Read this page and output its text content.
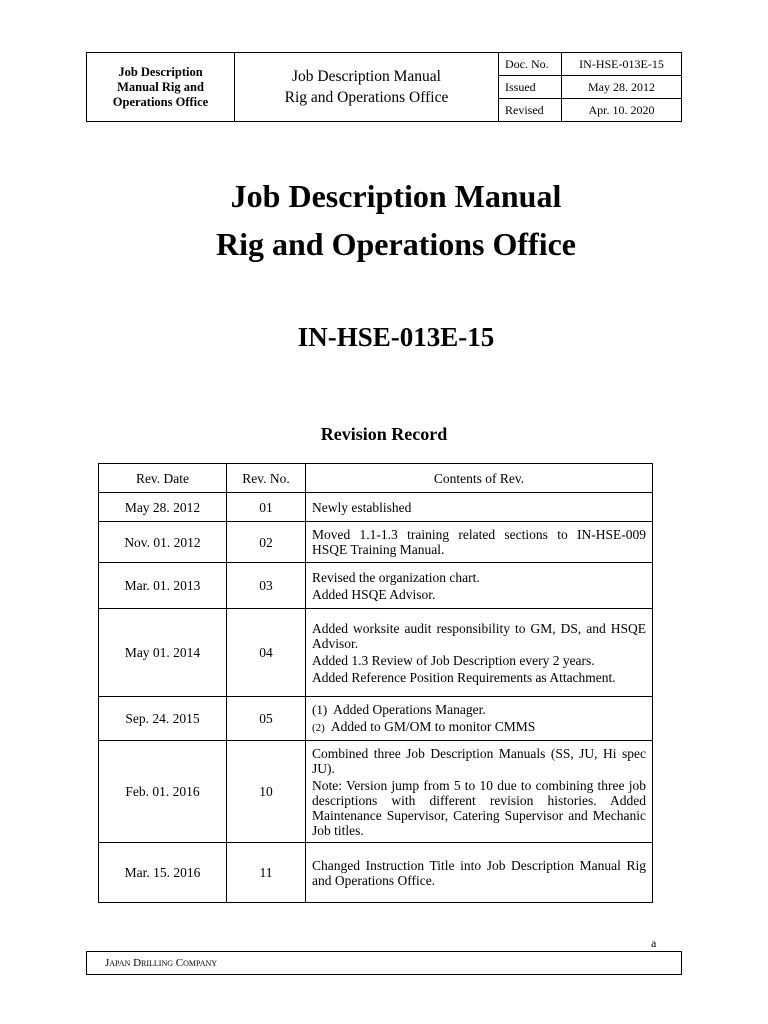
Job Description
Manual Rig and
Operations Office
Job Description Manual
Rig and Operations Office
Doc. No.	IN-HSE-013E-15
Issued	May 28. 2012
Revised	Apr. 10. 2020
Job Description Manual
Rig and Operations Office
IN-HSE-013E-15
Revision Record
Rev. Date	Rev. No.	Contents of Rev.
May 28. 2012	01	Newly established

Nov. 01. 2012	02	Moved 1.1-1.3 training related sections to IN-HSE-009 HSQE Training Manual.

Mar. 01. 2013	03	Revised the organization chart.
Added HSQE Advisor.

May 01. 2014	04	Added worksite audit responsibility to GM, DS, and HSQE Advisor.
Added 1.3 Review of Job Description every 2 years.
Added Reference Position Requirements as Attachment.

Sep. 24. 2015	05	(1) Added Operations Manager.
(2) Added to GM/OM to monitor CMMS

Feb. 01. 2016	10	Combined three Job Description Manuals (SS, JU, Hi spec JU).
Note: Version jump from 5 to 10 due to combining three job descriptions with different revision histories. Added Maintenance Supervisor, Catering Supervisor and Mechanic Job titles.

Mar. 15. 2016	11	Changed Instruction Title into Job Description Manual Rig and Operations Office.
a
Japan Drilling Company
